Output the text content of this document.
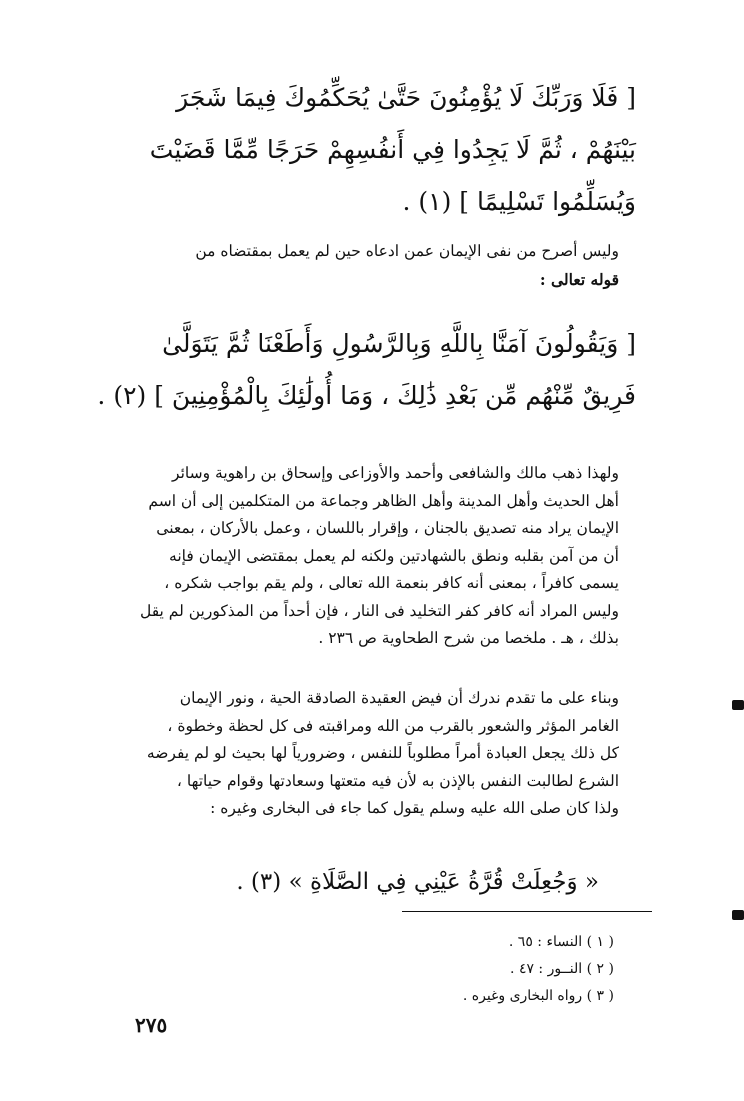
[ فَلَا وَرَبِّكَ لَا يُؤْمِنُونَ حَتَّىٰ يُحَكِّمُوكَ فِيمَا شَجَرَ
بَيْنَهُمْ ، ثُمَّ لَا يَجِدُوا فِي أَنفُسِهِمْ حَرَجًا مِّمَّا قَضَيْتَ
وَيُسَلِّمُوا تَسْلِيمًا ] (١) .
وليس أصرح من نفى الإيمان عمن ادعاه حين لم يعمل بمقتضاه من
قوله تعالى :
[ وَيَقُولُونَ آمَنَّا بِاللَّهِ وَبِالرَّسُولِ وَأَطَعْنَا ثُمَّ يَتَوَلَّىٰ
فَرِيقٌ مِّنْهُم مِّن بَعْدِ ذَٰلِكَ ، وَمَا أُولَٰئِكَ بِالْمُؤْمِنِينَ ] (٢) .
ولهذا ذهب مالك والشافعى وأحمد والأوزاعى وإسحاق بن راهوية وسائر
أهل الحديث وأهل المدينة وأهل الظاهر وجماعة من المتكلمين إلى أن اسم
الإيمان يراد منه تصديق بالجنان ، وإقرار باللسان ، وعمل بالأركان ، بمعنى
أن من آمن بقلبه ونطق بالشهادتين ولكنه لم يعمل بمقتضى الإيمان فإنه
يسمى كافراً ، بمعنى أنه كافر بنعمة الله تعالى ، ولم يقم بواجب شكره ،
وليس المراد أنه كافر كفر التخليد فى النار ، فإن أحداً من المذكورين لم يقل
بذلك ، هـ . ملخصا من شرح الطحاوية ص ٢٣٦ .
وبناء على ما تقدم ندرك أن فيض العقيدة الصادقة الحية ، ونور الإيمان
الغامر المؤثر والشعور بالقرب من الله ومراقبته فى كل لحظة وخطوة ،
كل ذلك يجعل العبادة أمراً مطلوباً للنفس ، وضرورياً لها بحيث لو لم يفرضه
الشرع لطالبت النفس بالإذن به لأن فيه متعتها وسعادتها وقوام حياتها ،
ولذا كان صلى الله عليه وسلم يقول كما جاء فى البخارى وغيره :
« وَجُعِلَتْ قُرَّةُ عَيْنِي فِي الصَّلَاةِ » (٣) .
( ١ ) النساء : ٦٥ .
( ٢ ) النــور : ٤٧ .
( ٣ ) رواه البخارى وغيره .
٢٧٥
